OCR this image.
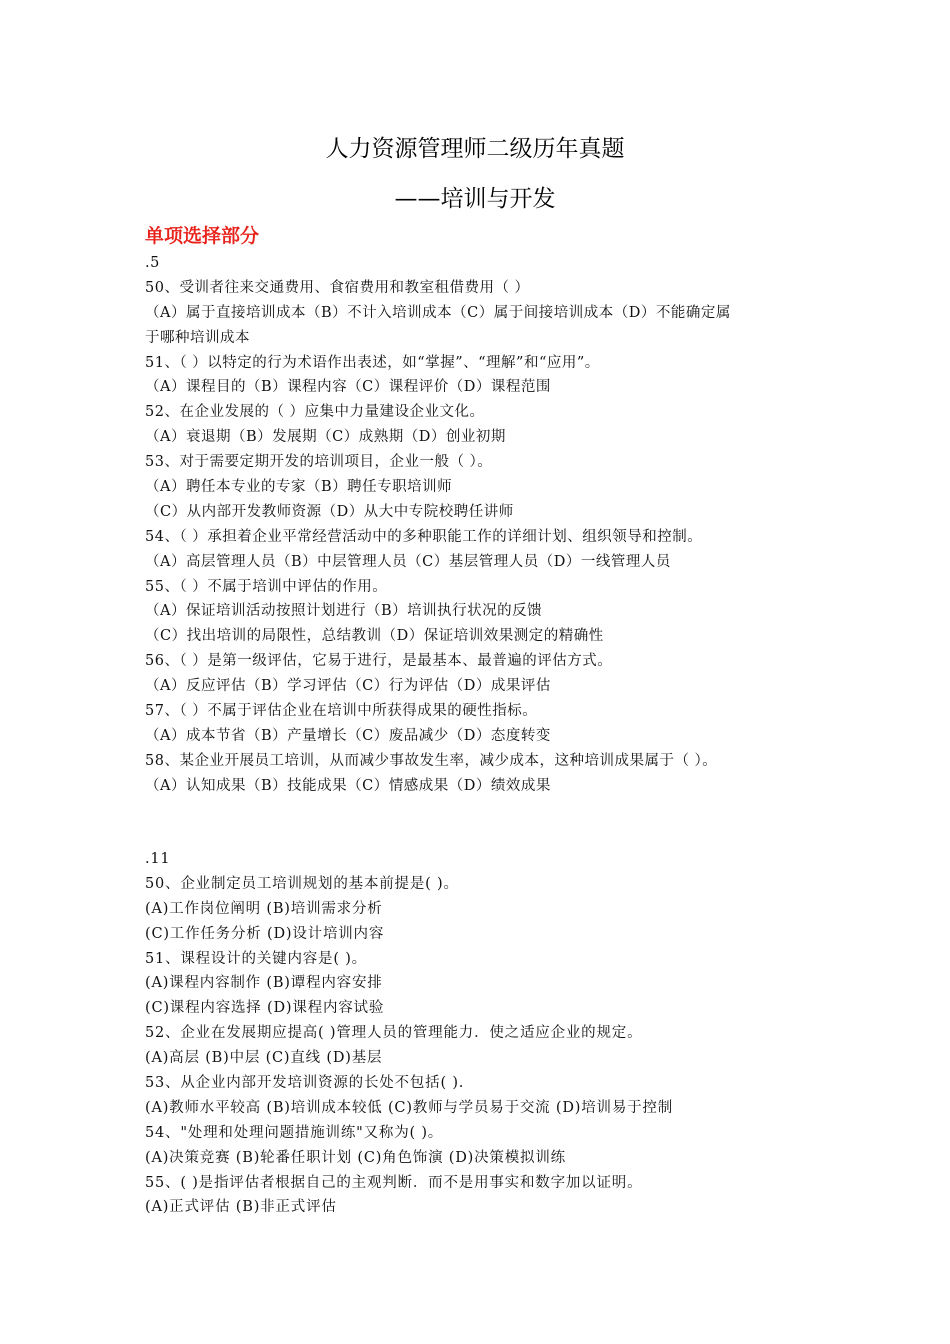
人力资源管理师二级历年真题
——培训与开发
单项选择部分
.5
50、受训者往来交通费用、食宿费用和教室租借费用（ ）
（A）属于直接培训成本（B）不计入培训成本（C）属于间接培训成本（D）不能确定属
于哪种培训成本
51、（ ）以特定的行为术语作出表述，如“掌握”、“理解”和“应用”。
（A）课程目的（B）课程内容（C）课程评价（D）课程范围
52、在企业发展的（ ）应集中力量建设企业文化。
（A）衰退期（B）发展期（C）成熟期（D）创业初期
53、对于需要定期开发的培训项目，企业一般（ ）。
（A）聘任本专业的专家（B）聘任专职培训师
（C）从内部开发教师资源（D）从大中专院校聘任讲师
54、（ ）承担着企业平常经营活动中的多种职能工作的详细计划、组织领导和控制。
（A）高层管理人员（B）中层管理人员（C）基层管理人员（D）一线管理人员
55、（ ）不属于培训中评估的作用。
（A）保证培训活动按照计划进行（B）培训执行状况的反馈
（C）找出培训的局限性，总结教训（D）保证培训效果测定的精确性
56、（ ）是第一级评估，它易于进行，是最基本、最普遍的评估方式。
（A）反应评估（B）学习评估（C）行为评估（D）成果评估
57、（ ）不属于评估企业在培训中所获得成果的硬性指标。
（A）成本节省（B）产量增长（C）废品减少（D）态度转变
58、某企业开展员工培训，从而减少事故发生率，减少成本，这种培训成果属于（ ）。
（A）认知成果（B）技能成果（C）情感成果（D）绩效成果
.11
50、企业制定员工培训规划的基本前提是( )。
(A)工作岗位阐明 (B)培训需求分析
(C)工作任务分析 (D)设计培训内容
51、课程设计的关键内容是( )。
(A)课程内容制作 (B)谭程内容安排
(C)课程内容选择 (D)课程内容试验
52、企业在发展期应提高( )管理人员的管理能力．使之适应企业的规定。
(A)高层 (B)中层 (C)直线 (D)基层
53、从企业内部开发培训资源的长处不包括( ).
(A)教师水平较高 (B)培训成本较低 (C)教师与学员易于交流 (D)培训易于控制
54、"处理和处理问题措施训练"又称为( )。
(A)决策竞赛 (B)轮番任职计划 (C)角色饰演 (D)决策模拟训练
55、( )是指评估者根据自己的主观判断．而不是用事实和数字加以证明。
(A)正式评估 (B)非正式评估
